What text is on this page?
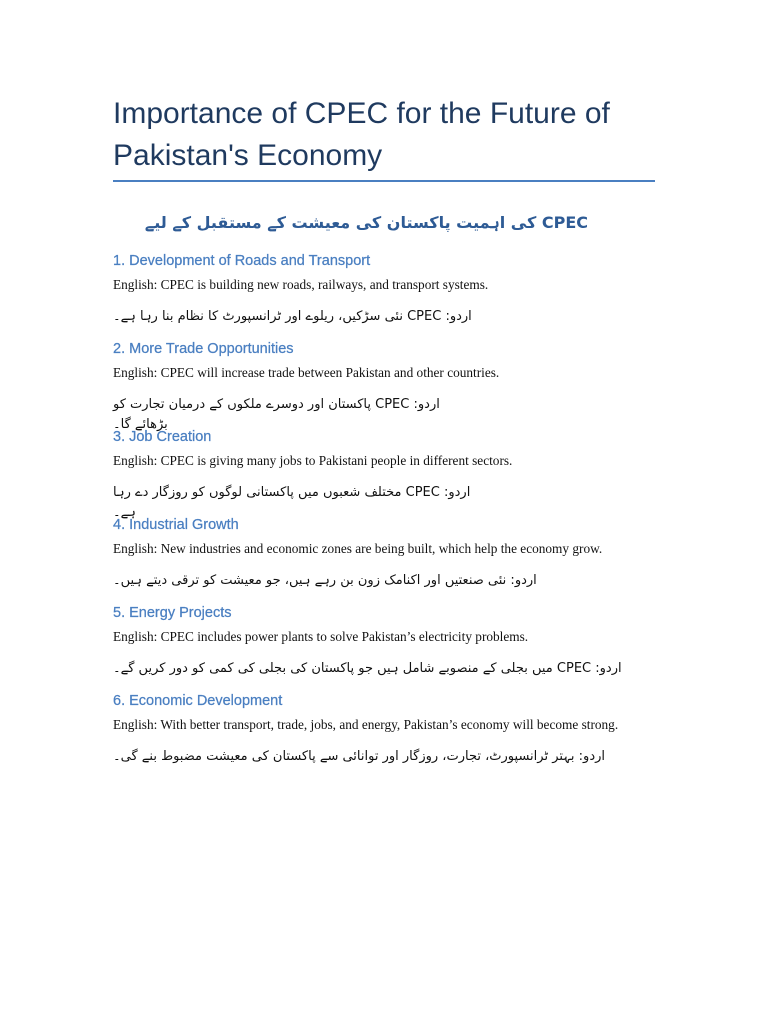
Importance of CPEC for the Future of Pakistan's Economy

CPEC کی اہمیت پاکستان کی معیشت کے مستقبل کے لیے

1. Development of Roads and Transport

English: CPEC is building new roads, railways, and transport systems.

اردو: CPEC نئی سڑکیں، ریلوے اور ٹرانسپورٹ کا نظام بنا رہا ہے۔

2. More Trade Opportunities

English: CPEC will increase trade between Pakistan and other countries.

اردو: CPEC پاکستان اور دوسرے ملکوں کے درمیان تجارت کو بڑھائے گا۔

3. Job Creation

English: CPEC is giving many jobs to Pakistani people in different sectors.

اردو: CPEC مختلف شعبوں میں پاکستانی لوگوں کو روزگار دے رہا ہے۔

4. Industrial Growth

English: New industries and economic zones are being built, which help the economy grow.

اردو: نئی صنعتیں اور اکنامک زون بن رہے ہیں، جو معیشت کو ترقی دیتے ہیں۔

5. Energy Projects

English: CPEC includes power plants to solve Pakistan’s electricity problems.

اردو: CPEC میں بجلی کے منصوبے شامل ہیں جو پاکستان کی بجلی کی کمی کو دور کریں گے۔

6. Economic Development

English: With better transport, trade, jobs, and energy, Pakistan’s economy will become strong.

اردو: بہتر ٹرانسپورٹ، تجارت، روزگار اور توانائی سے پاکستان کی معیشت مضبوط بنے گی۔
